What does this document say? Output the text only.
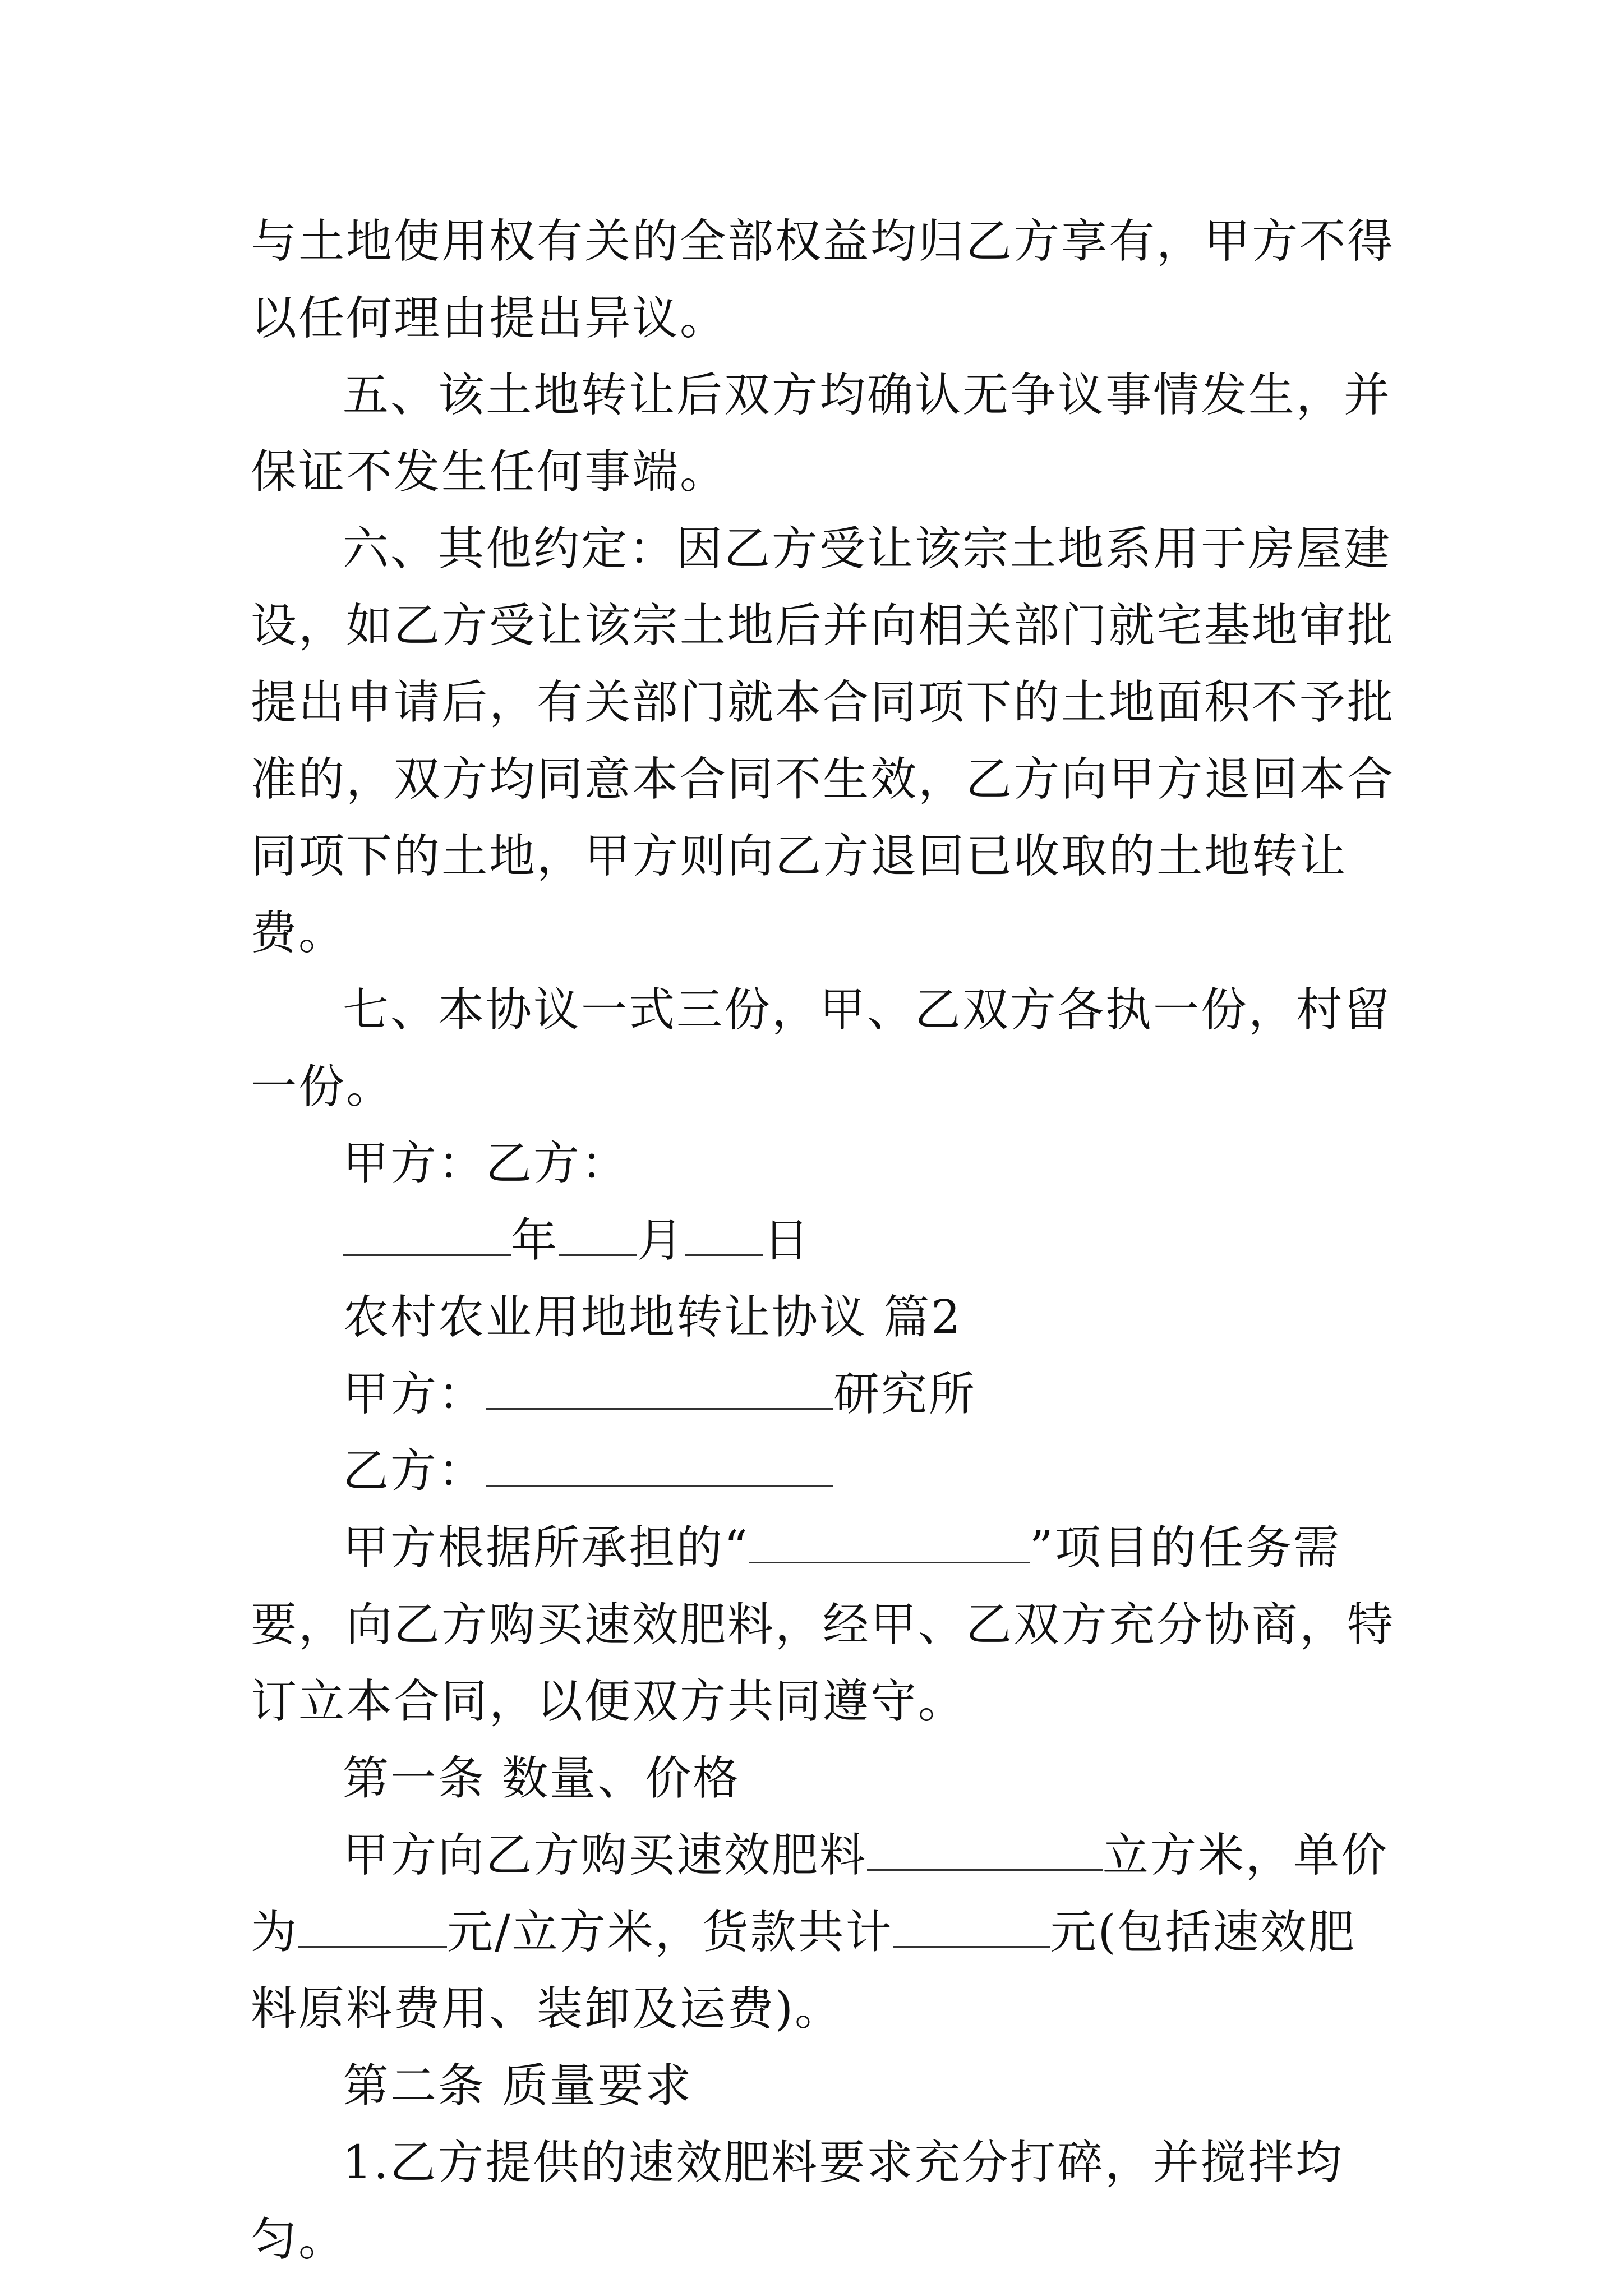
与土地使用权有关的全部权益均归乙方享有，甲方不得以任何理由提出异议。

五、该土地转让后双方均确认无争议事情发生，并保证不发生任何事端。

六、其他约定：因乙方受让该宗土地系用于房屋建设，如乙方受让该宗土地后并向相关部门就宅基地审批提出申请后，有关部门就本合同项下的土地面积不予批准的，双方均同意本合同不生效，乙方向甲方退回本合同项下的土地，甲方则向乙方退回已收取的土地转让费。

七、本协议一式三份，甲、乙双方各执一份，村留一份。

甲方：乙方：

年 月 日

农村农业用地地转让协议 篇2

甲方：	研究所

乙方：

甲方根据所承担的“	”项目的任务需要，向乙方购买速效肥料，经甲、乙双方充分协商，特订立本合同，以便双方共同遵守。

第一条 数量、价格

甲方向乙方购买速效肥料	立方米，单价为	元/立方米，货款共计	元(包括速效肥料原料费用、装卸及运费)。

第二条 质量要求

1.乙方提供的速效肥料要求充分打碎，并搅拌均匀。
